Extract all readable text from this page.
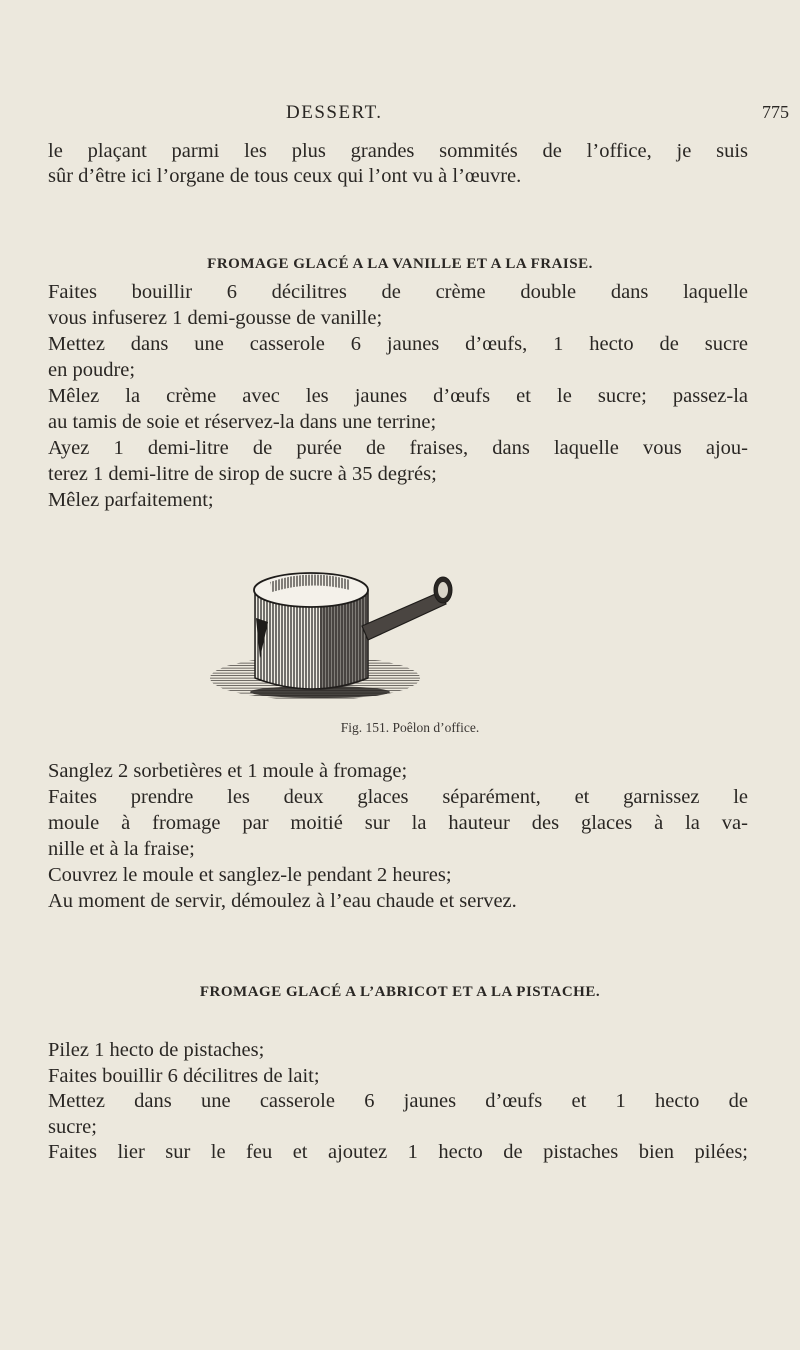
DESSERT.	775
le plaçant parmi les plus grandes sommités de l’office, je suis
sûr d’être ici l’organe de tous ceux qui l’ont vu à l’œuvre.
FROMAGE GLACÉ A LA VANILLE ET A LA FRAISE.
Faites bouillir 6 décilitres de crème double dans laquelle
vous infuserez 1 demi-gousse de vanille;
Mettez dans une casserole 6 jaunes d’œufs, 1 hecto de sucre
en poudre;
Mêlez la crème avec les jaunes d’œufs et le sucre; passez-la
au tamis de soie et réservez-la dans une terrine;
Ayez 1 demi-litre de purée de fraises, dans laquelle vous ajou-
terez 1 demi-litre de sirop de sucre à 35 degrés;
Mêlez parfaitement;
Fig. 151. Poêlon d’office.
Sanglez 2 sorbetières et 1 moule à fromage;
Faites prendre les deux glaces séparément, et garnissez le
moule à fromage par moitié sur la hauteur des glaces à la va-
nille et à la fraise;
Couvrez le moule et sanglez-le pendant 2 heures;
Au moment de servir, démoulez à l’eau chaude et servez.
FROMAGE GLACÉ A L’ABRICOT ET A LA PISTACHE.
Pilez 1 hecto de pistaches;
Faites bouillir 6 décilitres de lait;
Mettez dans une casserole 6 jaunes d’œufs et 1 hecto de
sucre;
Faites lier sur le feu et ajoutez 1 hecto de pistaches bien pilées;
